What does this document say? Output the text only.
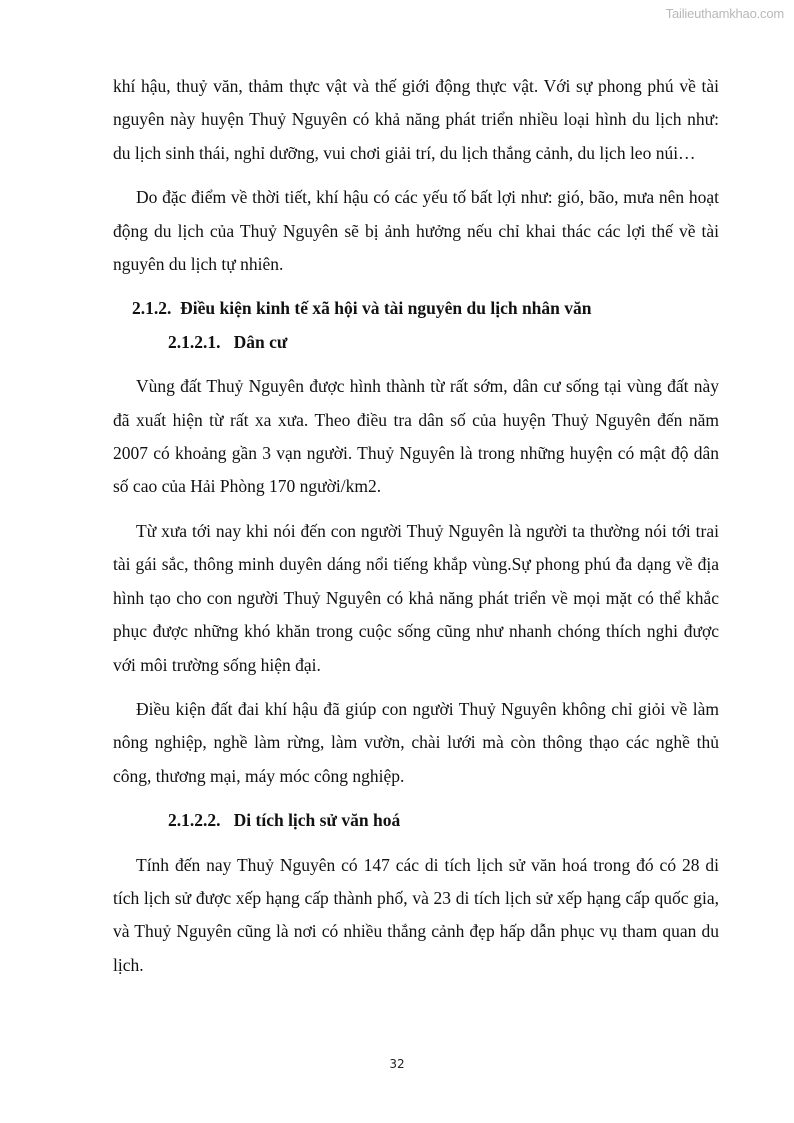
Tailieuthamkhao.com

khí hậu, thuỷ văn, thảm thực vật và thế giới động thực vật. Với sự phong phú về tài nguyên này huyện Thuỷ Nguyên có khả năng phát triển nhiều loại hình du lịch như: du lịch sinh thái, nghỉ dưỡng, vui chơi giải trí, du lịch thắng cảnh, du lịch leo núi…

Do đặc điểm về thời tiết, khí hậu có các yếu tố bất lợi như: gió, bão, mưa nên hoạt động du lịch của Thuỷ Nguyên sẽ bị ảnh hưởng nếu chỉ khai thác các lợi thế về tài nguyên du lịch tự nhiên.

2.1.2.  Điều kiện kinh tế xã hội và tài nguyên du lịch nhân văn
2.1.2.1.   Dân cư

Vùng đất Thuỷ Nguyên được hình thành từ rất sớm, dân cư sống tại vùng đất này đã xuất hiện từ rất xa xưa. Theo điều tra dân số của huyện Thuỷ Nguyên đến năm 2007 có khoảng gần 3 vạn người. Thuỷ Nguyên là trong những huyện có mật độ dân số cao của Hải Phòng 170 người/km2.

Từ xưa tới nay khi nói đến con người Thuỷ Nguyên là người ta thường nói tới trai tài gái sắc, thông minh duyên dáng nổi tiếng khắp vùng.Sự phong phú đa dạng về địa hình tạo cho con người Thuỷ Nguyên có khả năng phát triển về mọi mặt có thể khắc phục được những khó khăn trong cuộc sống cũng như nhanh chóng thích nghi được với môi trường sống hiện đại.

Điều kiện đất đai khí hậu đã giúp con người Thuỷ Nguyên không chỉ giỏi về làm nông nghiệp, nghề làm rừng, làm vườn, chài lưới mà còn thông thạo các nghề thủ công, thương mại, máy móc công nghiệp.

2.1.2.2.   Di tích lịch sử văn hoá

Tính đến nay Thuỷ Nguyên có 147 các di tích lịch sử văn hoá trong đó có 28 di tích lịch sử được xếp hạng cấp thành phố, và 23 di tích lịch sử xếp hạng cấp quốc gia, và Thuỷ Nguyên cũng là nơi có nhiều thắng cảnh đẹp hấp dẫn phục vụ tham quan du lịch.

32
